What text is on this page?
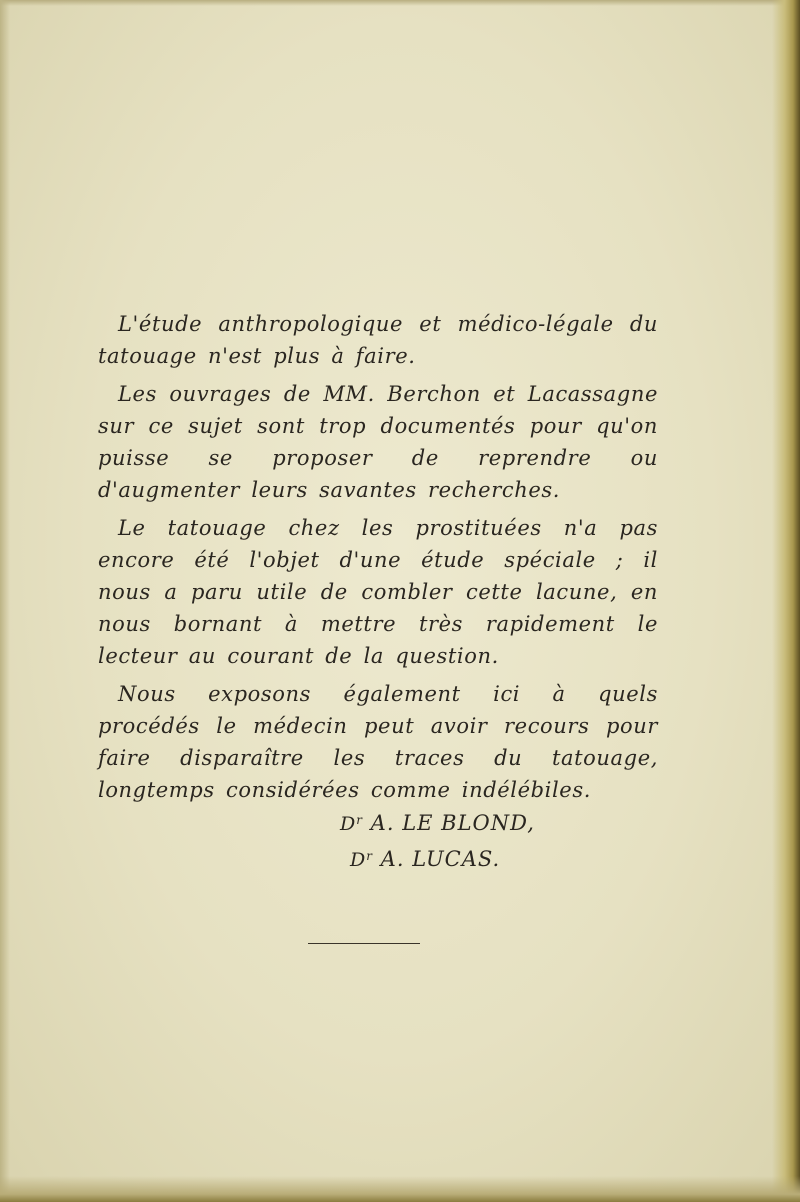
L'étude anthropologique et médico-légale du tatouage n'est plus à faire.

Les ouvrages de MM. Berchon et Lacassagne sur ce sujet sont trop documentés pour qu'on puisse se proposer de reprendre ou d'augmenter leurs savantes recherches.

Le tatouage chez les prostituées n'a pas encore été l'objet d'une étude spéciale ; il nous a paru utile de combler cette lacune, en nous bornant à mettre très rapidement le lecteur au courant de la question.

Nous exposons également ici à quels procédés le médecin peut avoir recours pour faire disparaître les traces du tatouage, longtemps considérées comme indélébiles.

$D^r$ A. LE BLOND,
$D^r$ A. LUCAS.
